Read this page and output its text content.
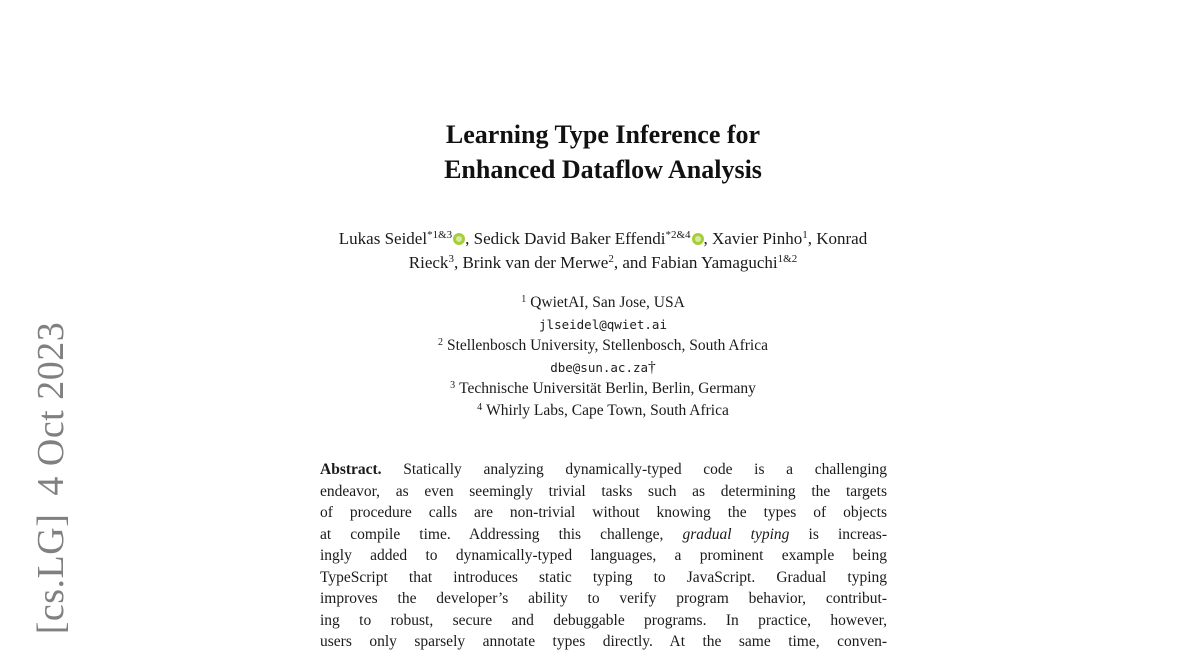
[cs.LG]4 Oct 2023
Learning Type Inference for
Enhanced Dataflow Analysis
Lukas Seidel$^{*1\&3}$ , Sedick David Baker Effendi$^{*2\&4}$ , Xavier Pinho$^1$, Konrad
Rieck$^3$, Brink van der Merwe$^2$, and Fabian Yamaguchi$^{1\&2}$
$^1$ QwietAI, San Jose, USA
jlseidel@qwiet.ai
$^2$ Stellenbosch University, Stellenbosch, South Africa
dbe@sun.ac.za†
$^3$ Technische Universität Berlin, Berlin, Germany
$^4$ Whirly Labs, Cape Town, South Africa
Abstract. Statically analyzing dynamically-typed code is a challenging
endeavor, as even seemingly trivial tasks such as determining the targets
of procedure calls are non-trivial without knowing the types of objects
at compile time. Addressing this challenge, gradual typing is increas-
ingly added to dynamically-typed languages, a prominent example being
TypeScript that introduces static typing to JavaScript. Gradual typing
improves the developer’s ability to verify program behavior, contribut-
ing to robust, secure and debuggable programs. In practice, however,
users only sparsely annotate types directly. At the same time, conven-
